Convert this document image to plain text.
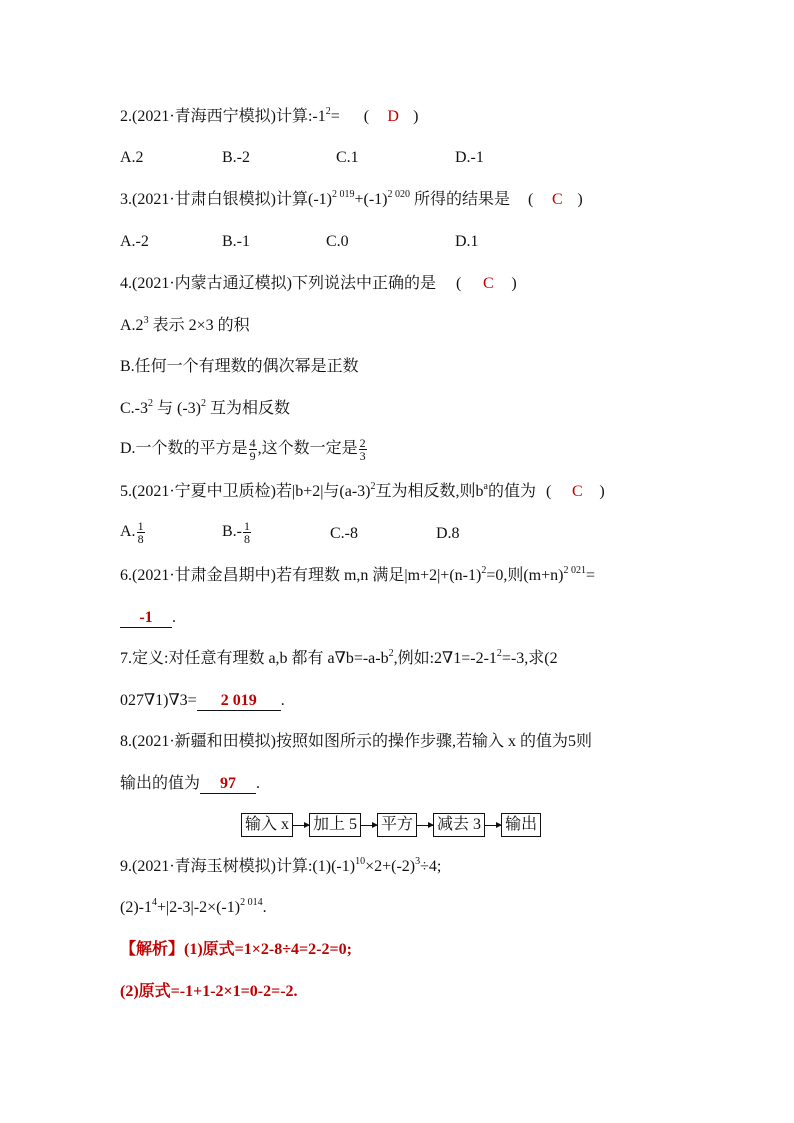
2.(2021·青海西宁模拟)计算$:-1^2=$ ( D )
A.2	B.-2	C.1	D.-1
3.(2021·甘肃白银模拟)计算$(-1)^{2 019}+(-1)^{2 020}$ 所得的结果是 ( C )
A.-2	B.-1	C.0	D.1
4.(2021·内蒙古通辽模拟)下列说法中正确的是 ( C )
$A.2^3$ 表示 2×3 的积
B.任何一个有理数的偶次幂是正数
$C.-3^2$ 与 $(-3)^2$ 互为相反数
D.一个数的平方是 $\frac{4}{9}$ ,这个数一定是 $\frac{2}{3}$
5.(2021·宁夏中卫质检)若|b+2|与$(a-3)^2$互为相反数,则$b^a$的值为 ( C )
A. $\frac{1}{8}$	$B.- \frac{1}{8}$	C.-8	D.8
6.(2021·甘肃金昌期中)若有理数 m,n 满足$|m+2|+(n-1)^2=0$,则$(m+n)^{2 021}=$
-1 .
7.定义:对任意有理数 a,b 都有 $a\nabla b=-a-b^2$,例如$:2\nabla 1=-2-1^2=-3$,求(2
027∇1)∇3= 2 019 .
8.(2021·新疆和田模拟)按照如图所示的操作步骤,若输入 x 的值为5则
输出的值为 97 .
输入 x 加上 5 平方 减去 3 输出
9.(2021·青海玉树模拟)计算$:(1)(-1)^{10}\times 2+(-2)^3\div 4$;
$(2)-1^4+|2-3|-2\times(-1)^{2 014}$.
【解析】(1)原式=1×2-8÷4=2-2=0;
(2)原式=-1+1-2×1=0-2=-2.
